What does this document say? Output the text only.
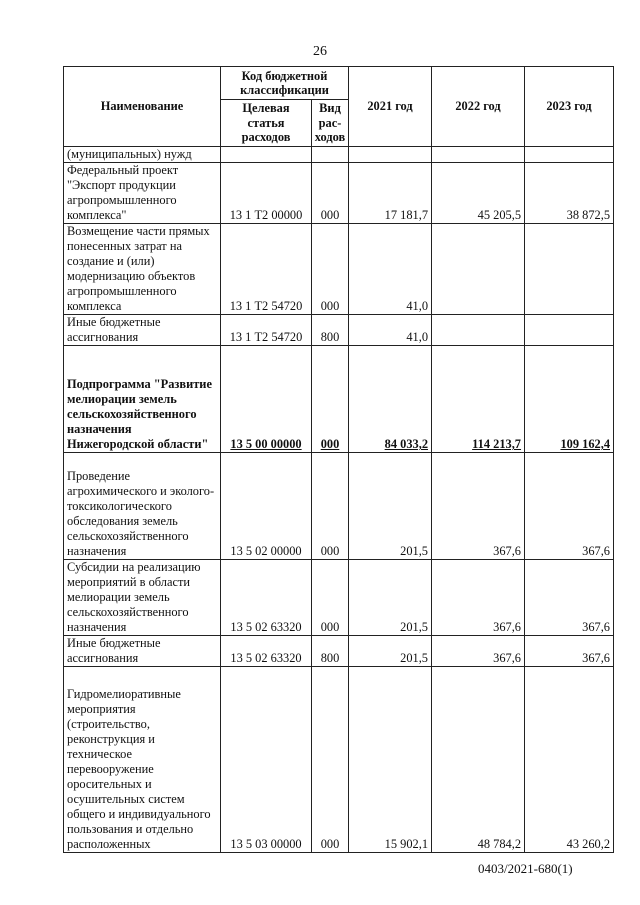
26
Наименование	Код бюджетной классификации		2021 год	2022 год	2023 год
	Целевая статья расходов	Вид рас-ходов			
(муниципальных) нужд					
Федеральный проект "Экспорт продукции агропромышленного комплекса"	13 1 Т2 00000	000	17 181,7	45 205,5	38 872,5
Возмещение части прямых понесенных затрат на создание и (или) модернизацию объектов агропромышленного комплекса	13 1 Т2 54720	000	41,0		
Иные бюджетные ассигнования	13 1 Т2 54720	800	41,0		
Подпрограмма "Развитие мелиорации земель сельскохозяйственного назначения Нижегородской области"	13 5 00 00000	000	84 033,2	114 213,7	109 162,4
Проведение агрохимического и эколого-токсикологического обследования земель сельскохозяйственного назначения	13 5 02 00000	000	201,5	367,6	367,6
Субсидии на реализацию мероприятий в области мелиорации земель сельскохозяйственного назначения	13 5 02 63320	000	201,5	367,6	367,6
Иные бюджетные ассигнования	13 5 02 63320	800	201,5	367,6	367,6
Гидромелиоративные мероприятия (строительство, реконструкция и техническое перевооружение оросительных и осушительных систем общего и индивидуального пользования и отдельно расположенных	13 5 03 00000	000	15 902,1	48 784,2	43 260,2
0403/2021-680(1)
